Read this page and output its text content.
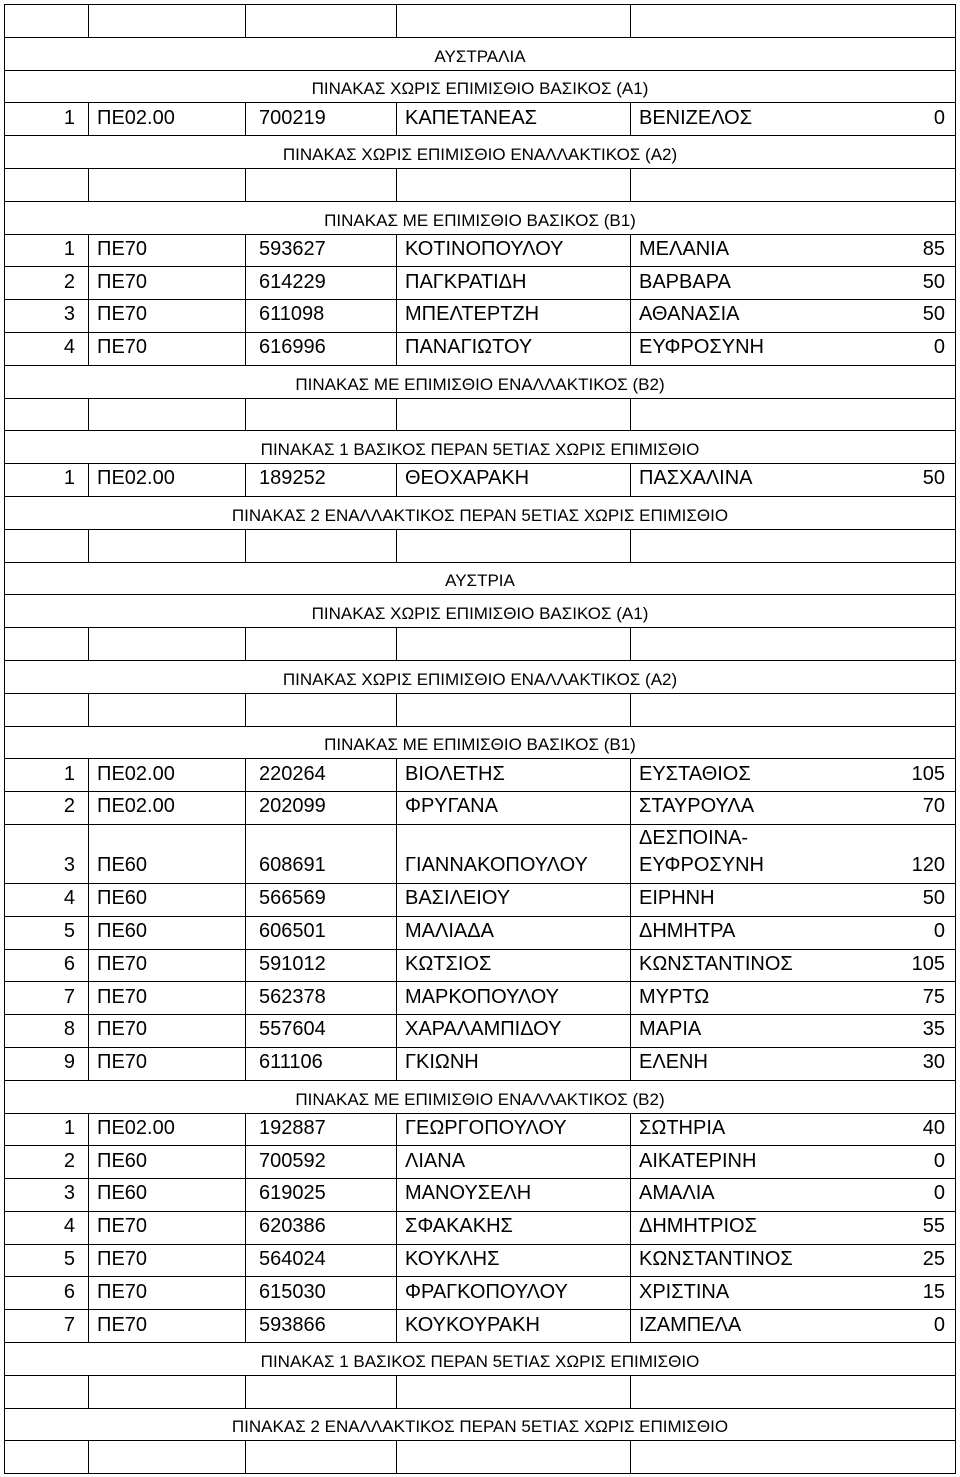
ΑΥΣΤΡΑΛΙΑ					
ΠΙΝΑΚΑΣ ΧΩΡΙΣ ΕΠΙΜΙΣΘΙΟ ΒΑΣΙΚΟΣ (Α1)					
1	ΠΕ02.00	700219	ΚΑΠΕΤΑΝΕΑΣ	ΒΕΝΙΖΕΛΟΣ	0
ΠΙΝΑΚΑΣ ΧΩΡΙΣ ΕΠΙΜΙΣΘΙΟ ΕΝΑΛΛΑΚΤΙΚΟΣ (Α2)					

ΠΙΝΑΚΑΣ ΜΕ ΕΠΙΜΙΣΘΙΟ ΒΑΣΙΚΟΣ (Β1)					
1	ΠΕ70	593627	ΚΟΤΙΝΟΠΟΥΛΟΥ	ΜΕΛΑΝΙΑ	85
2	ΠΕ70	614229	ΠΑΓΚΡΑΤΙΔΗ	ΒΑΡΒΑΡΑ	50
3	ΠΕ70	611098	ΜΠΕΛΤΕΡΤΖΗ	ΑΘΑΝΑΣΙΑ	50
4	ΠΕ70	616996	ΠΑΝΑΓΙΩΤΟΥ	ΕΥΦΡΟΣΥΝΗ	0
ΠΙΝΑΚΑΣ ΜΕ ΕΠΙΜΙΣΘΙΟ ΕΝΑΛΛΑΚΤΙΚΟΣ (Β2)					

ΠΙΝΑΚΑΣ 1 ΒΑΣΙΚΟΣ ΠΕΡΑΝ 5ΕΤΙΑΣ ΧΩΡΙΣ ΕΠΙΜΙΣΘΙΟ					
1	ΠΕ02.00	189252	ΘΕΟΧΑΡΑΚΗ	ΠΑΣΧΑΛΙΝΑ	50
ΠΙΝΑΚΑΣ 2 ΕΝΑΛΛΑΚΤΙΚΟΣ ΠΕΡΑΝ 5ΕΤΙΑΣ ΧΩΡΙΣ ΕΠΙΜΙΣΘΙΟ					

ΑΥΣΤΡΙΑ					
ΠΙΝΑΚΑΣ ΧΩΡΙΣ ΕΠΙΜΙΣΘΙΟ ΒΑΣΙΚΟΣ (Α1)					

ΠΙΝΑΚΑΣ ΧΩΡΙΣ ΕΠΙΜΙΣΘΙΟ ΕΝΑΛΛΑΚΤΙΚΟΣ (Α2)					

ΠΙΝΑΚΑΣ ΜΕ ΕΠΙΜΙΣΘΙΟ ΒΑΣΙΚΟΣ (Β1)					
1	ΠΕ02.00	220264	ΒΙΟΛΕΤΗΣ	ΕΥΣΤΑΘΙΟΣ	105
2	ΠΕ02.00	202099	ΦΡΥΓΑΝΑ	ΣΤΑΥΡΟΥΛΑ	70
3	ΠΕ60	608691	ΓΙΑΝΝΑΚΟΠΟΥΛΟΥ	ΔΕΣΠΟΙΝΑ-ΕΥΦΡΟΣΥΝΗ	120
4	ΠΕ60	566569	ΒΑΣΙΛΕΙΟΥ	ΕΙΡΗΝΗ	50
5	ΠΕ60	606501	ΜΑΛΙΑΔΑ	ΔΗΜΗΤΡΑ	0
6	ΠΕ70	591012	ΚΩΤΣΙΟΣ	ΚΩΝΣΤΑΝΤΙΝΟΣ	105
7	ΠΕ70	562378	ΜΑΡΚΟΠΟΥΛΟΥ	ΜΥΡΤΩ	75
8	ΠΕ70	557604	ΧΑΡΑΛΑΜΠΙΔΟΥ	ΜΑΡΙΑ	35
9	ΠΕ70	611106	ΓΚΙΩΝΗ	ΕΛΕΝΗ	30
ΠΙΝΑΚΑΣ ΜΕ ΕΠΙΜΙΣΘΙΟ ΕΝΑΛΛΑΚΤΙΚΟΣ (Β2)					
1	ΠΕ02.00	192887	ΓΕΩΡΓΟΠΟΥΛΟΥ	ΣΩΤΗΡΙΑ	40
2	ΠΕ60	700592	ΛΙΑΝΑ	ΑΙΚΑΤΕΡΙΝΗ	0
3	ΠΕ60	619025	ΜΑΝΟΥΣΕΛΗ	ΑΜΑΛΙΑ	0
4	ΠΕ70	620386	ΣΦΑΚΑΚΗΣ	ΔΗΜΗΤΡΙΟΣ	55
5	ΠΕ70	564024	ΚΟΥΚΛΗΣ	ΚΩΝΣΤΑΝΤΙΝΟΣ	25
6	ΠΕ70	615030	ΦΡΑΓΚΟΠΟΥΛΟΥ	ΧΡΙΣΤΙΝΑ	15
7	ΠΕ70	593866	ΚΟΥΚΟΥΡΑΚΗ	ΙΖΑΜΠΕΛΑ	0
ΠΙΝΑΚΑΣ 1 ΒΑΣΙΚΟΣ ΠΕΡΑΝ 5ΕΤΙΑΣ ΧΩΡΙΣ ΕΠΙΜΙΣΘΙΟ					

ΠΙΝΑΚΑΣ 2 ΕΝΑΛΛΑΚΤΙΚΟΣ ΠΕΡΑΝ 5ΕΤΙΑΣ ΧΩΡΙΣ ΕΠΙΜΙΣΘΙΟ					
